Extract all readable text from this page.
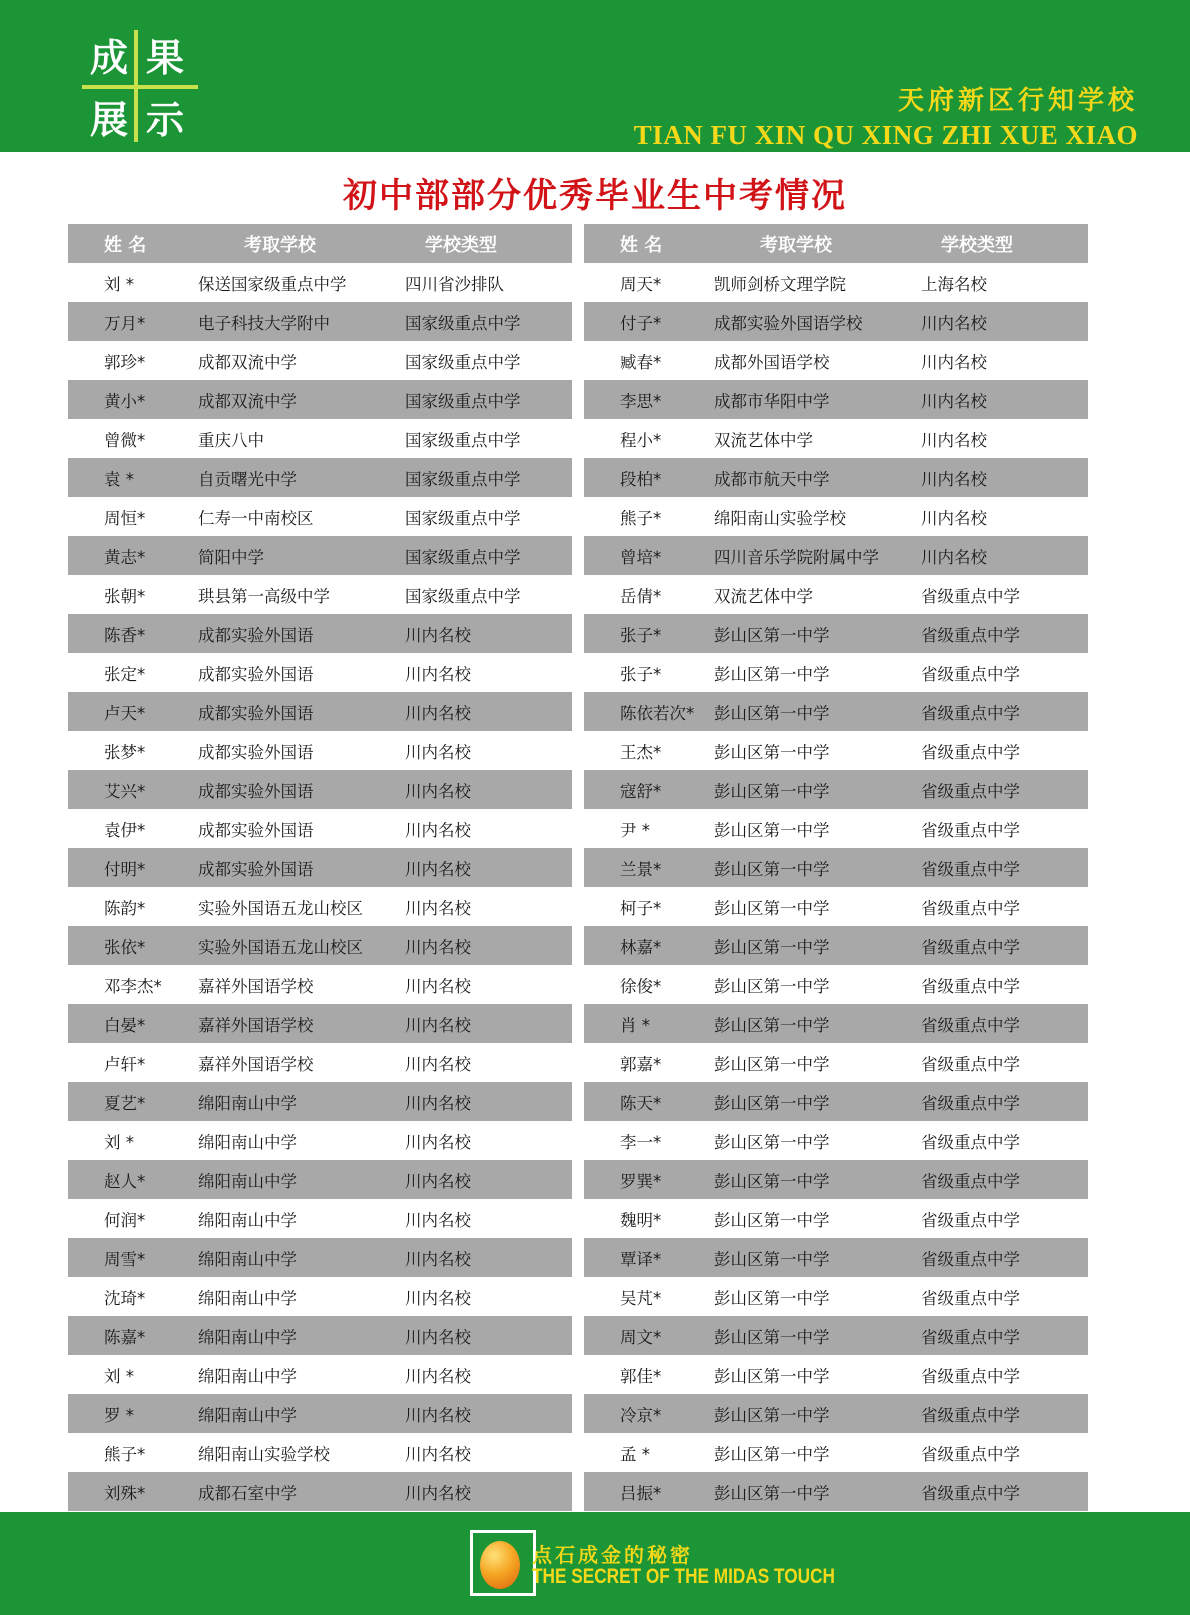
成 果
展 示	天府新区行知学校
TIAN FU XIN QU XING ZHI XUE XIAO
初中部部分优秀毕业生中考情况
姓 名	考取学校	学校类型
刘 *	保送国家级重点中学	四川省沙排队
万月*	电子科技大学附中	国家级重点中学
郭珍*	成都双流中学	国家级重点中学
黄小*	成都双流中学	国家级重点中学
曾微*	重庆八中	国家级重点中学
袁 *	自贡曙光中学	国家级重点中学
周恒*	仁寿一中南校区	国家级重点中学
黄志*	简阳中学	国家级重点中学
张朝*	珙县第一高级中学	国家级重点中学
陈香*	成都实验外国语	川内名校
张定*	成都实验外国语	川内名校
卢天*	成都实验外国语	川内名校
张梦*	成都实验外国语	川内名校
艾兴*	成都实验外国语	川内名校
袁伊*	成都实验外国语	川内名校
付明*	成都实验外国语	川内名校
陈韵*	实验外国语五龙山校区	川内名校
张依*	实验外国语五龙山校区	川内名校
邓李杰*	嘉祥外国语学校	川内名校
白晏*	嘉祥外国语学校	川内名校
卢轩*	嘉祥外国语学校	川内名校
夏艺*	绵阳南山中学	川内名校
刘 *	绵阳南山中学	川内名校
赵人*	绵阳南山中学	川内名校
何润*	绵阳南山中学	川内名校
周雪*	绵阳南山中学	川内名校
沈琦*	绵阳南山中学	川内名校
陈嘉*	绵阳南山中学	川内名校
刘 *	绵阳南山中学	川内名校
罗 *	绵阳南山中学	川内名校
熊子*	绵阳南山实验学校	川内名校
刘殊*	成都石室中学	川内名校
姓 名	考取学校	学校类型
周天*	凯师剑桥文理学院	上海名校
付子*	成都实验外国语学校	川内名校
臧春*	成都外国语学校	川内名校
李思*	成都市华阳中学	川内名校
程小*	双流艺体中学	川内名校
段柏*	成都市航天中学	川内名校
熊子*	绵阳南山实验学校	川内名校
曾培*	四川音乐学院附属中学	川内名校
岳倩*	双流艺体中学	省级重点中学
张子*	彭山区第一中学	省级重点中学
张子*	彭山区第一中学	省级重点中学
陈依若次*	彭山区第一中学	省级重点中学
王杰*	彭山区第一中学	省级重点中学
寇舒*	彭山区第一中学	省级重点中学
尹 *	彭山区第一中学	省级重点中学
兰景*	彭山区第一中学	省级重点中学
柯子*	彭山区第一中学	省级重点中学
林嘉*	彭山区第一中学	省级重点中学
徐俊*	彭山区第一中学	省级重点中学
肖 *	彭山区第一中学	省级重点中学
郭嘉*	彭山区第一中学	省级重点中学
陈天*	彭山区第一中学	省级重点中学
李一*	彭山区第一中学	省级重点中学
罗巽*	彭山区第一中学	省级重点中学
魏明*	彭山区第一中学	省级重点中学
覃译*	彭山区第一中学	省级重点中学
吴芃*	彭山区第一中学	省级重点中学
周文*	彭山区第一中学	省级重点中学
郭佳*	彭山区第一中学	省级重点中学
冷京*	彭山区第一中学	省级重点中学
孟 *	彭山区第一中学	省级重点中学
吕振*	彭山区第一中学	省级重点中学
点石成金的秘密
THE SECRET OF THE MIDAS TOUCH
